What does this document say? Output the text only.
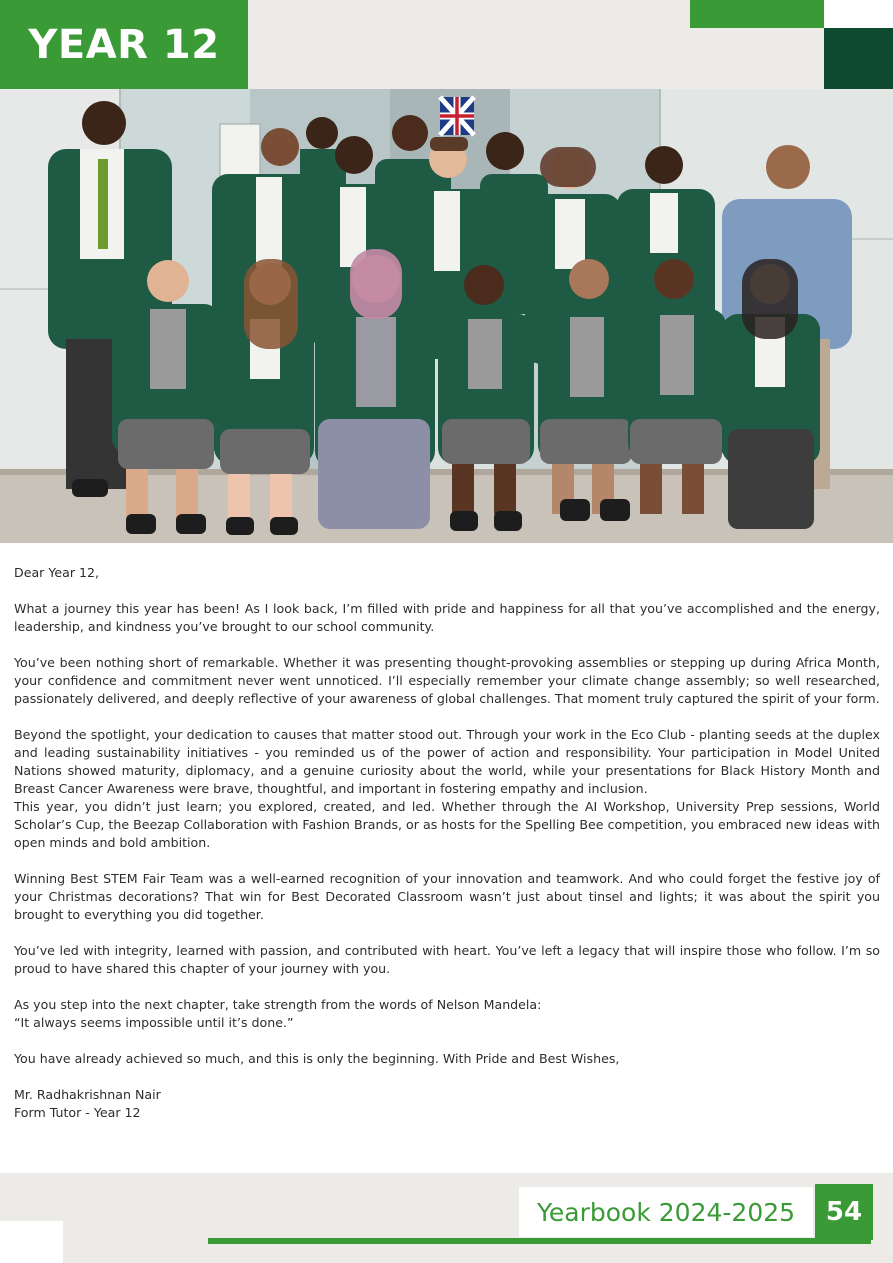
YEAR 12

Dear Year 12,

What a journey this year has been! As I look back, I’m filled with pride and happiness for all that you’ve accomplished and the energy, leadership, and kindness you’ve brought to our school community.

You’ve been nothing short of remarkable. Whether it was presenting thought-provoking assemblies or stepping up during Africa Month, your confidence and commitment never went unnoticed. I’ll especially remember your climate change assembly; so well researched, passionately delivered, and deeply reflective of your awareness of global challenges. That moment truly captured the spirit of your form.

Beyond the spotlight, your dedication to causes that matter stood out. Through your work in the Eco Club - planting seeds at the duplex and leading sustainability initiatives - you reminded us of the power of action and responsibility. Your participation in Model United Nations showed maturity, diplomacy, and a genuine curiosity about the world, while your presentations for Black History Month and Breast Cancer Awareness were brave, thoughtful, and important in fostering empathy and inclusion.

This year, you didn’t just learn; you explored, created, and led. Whether through the AI Workshop, University Prep sessions, World Scholar’s Cup, the Beezap Collaboration with Fashion Brands, or as hosts for the Spelling Bee competition, you embraced new ideas with open minds and bold ambition.

Winning Best STEM Fair Team was a well-earned recognition of your innovation and teamwork. And who could forget the festive joy of your Christmas decorations? That win for Best Decorated Classroom wasn’t just about tinsel and lights; it was about the spirit you brought to everything you did together.

You’ve led with integrity, learned with passion, and contributed with heart. You’ve left a legacy that will inspire those who follow. I’m so proud to have shared this chapter of your journey with you.

As you step into the next chapter, take strength from the words of Nelson Mandela:

“It always seems impossible until it’s done.”

You have already achieved so much, and this is only the beginning. With Pride and Best Wishes,

Mr. Radhakrishnan Nair

Form Tutor - Year 12

Yearbook 2024-2025 54
